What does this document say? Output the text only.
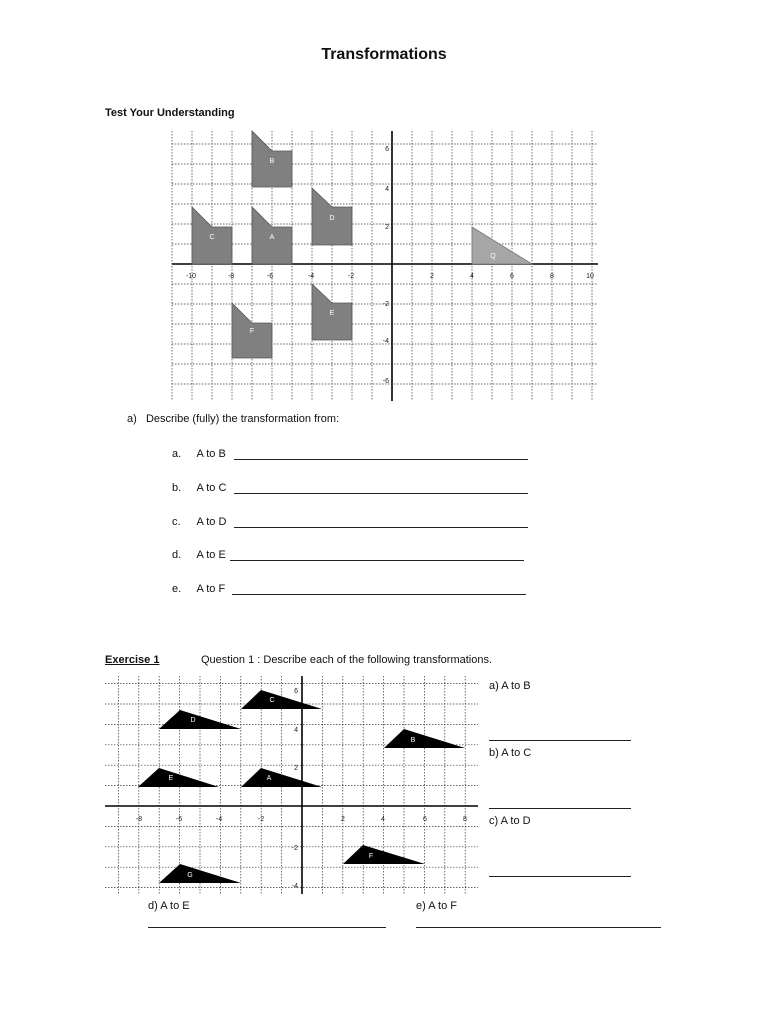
Transformations
Test Your Understanding
B
C	A
D
Q
E
F
-10	-8	-6	-4	-2	2	4	6	8	10
6
4
2
-2
-4
-6
a)   Describe (fully) the transformation from:
a. A to B
b. A to C
c. A to D
d. A to E
e. A to F
Exercise 1	Question 1 : Describe each of the following transformations.
C
D
B
E	A
F
G
-8	-6	-4	-2	2	4	6	8
6
4
2
-2
-4
a) A to B
b) A to C
c) A to D
d) A to E	e) A to F
